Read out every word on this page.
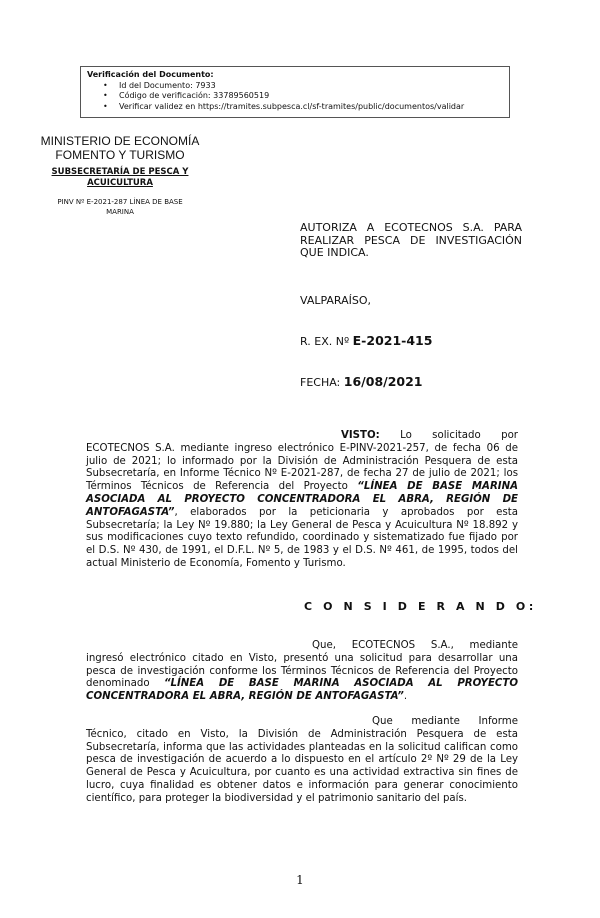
Verificación del Documento:
• Id del Documento: 7933
• Código de verificación: 33789560519
• Verificar validez en https://tramites.subpesca.cl/sf-tramites/public/documentos/validar
MINISTERIO DE ECONOMÍA
FOMENTO Y TURISMO
SUBSECRETARÍA DE PESCA Y
ACUICULTURA
PINV Nº E-2021-287 LÍNEA DE BASE
MARINA
AUTORIZA A ECOTECNOS S.A. PARA REALIZAR PESCA DE INVESTIGACIÓN QUE INDICA.
VALPARAÍSO,
R. EX. Nº E-2021-415
FECHA: 16/08/2021
VISTO: Lo solicitado por ECOTECNOS S.A. mediante ingreso electrónico E-PINV-2021-257, de fecha 06 de julio de 2021; lo informado por la División de Administración Pesquera de esta Subsecretaría, en Informe Técnico Nº E-2021-287, de fecha 27 de julio de 2021; los Términos Técnicos de Referencia del Proyecto “LÍNEA DE BASE MARINA ASOCIADA AL PROYECTO CONCENTRADORA EL ABRA, REGIÓN DE ANTOFAGASTA”, elaborados por la peticionaria y aprobados por esta Subsecretaría; la Ley Nº 19.880; la Ley General de Pesca y Acuicultura Nº 18.892 y sus modificaciones cuyo texto refundido, coordinado y sistematizado fue fijado por el D.S. Nº 430, de 1991, el D.F.L. Nº 5, de 1983 y el D.S. Nº 461, de 1995, todos del actual Ministerio de Economía, Fomento y Turismo.
C O N S I D E R A N D O:
Que, ECOTECNOS S.A., mediante ingresó electrónico citado en Visto, presentó una solicitud para desarrollar una pesca de investigación conforme los Términos Técnicos de Referencia del Proyecto denominado “LÍNEA DE BASE MARINA ASOCIADA AL PROYECTO CONCENTRADORA EL ABRA, REGIÓN DE ANTOFAGASTA”.
Que mediante Informe Técnico, citado en Visto, la División de Administración Pesquera de esta Subsecretaría, informa que las actividades planteadas en la solicitud califican como pesca de investigación de acuerdo a lo dispuesto en el artículo 2º Nº 29 de la Ley General de Pesca y Acuicultura, por cuanto es una actividad extractiva sin fines de lucro, cuya finalidad es obtener datos e información para generar conocimiento científico, para proteger la biodiversidad y el patrimonio sanitario del país.
1
